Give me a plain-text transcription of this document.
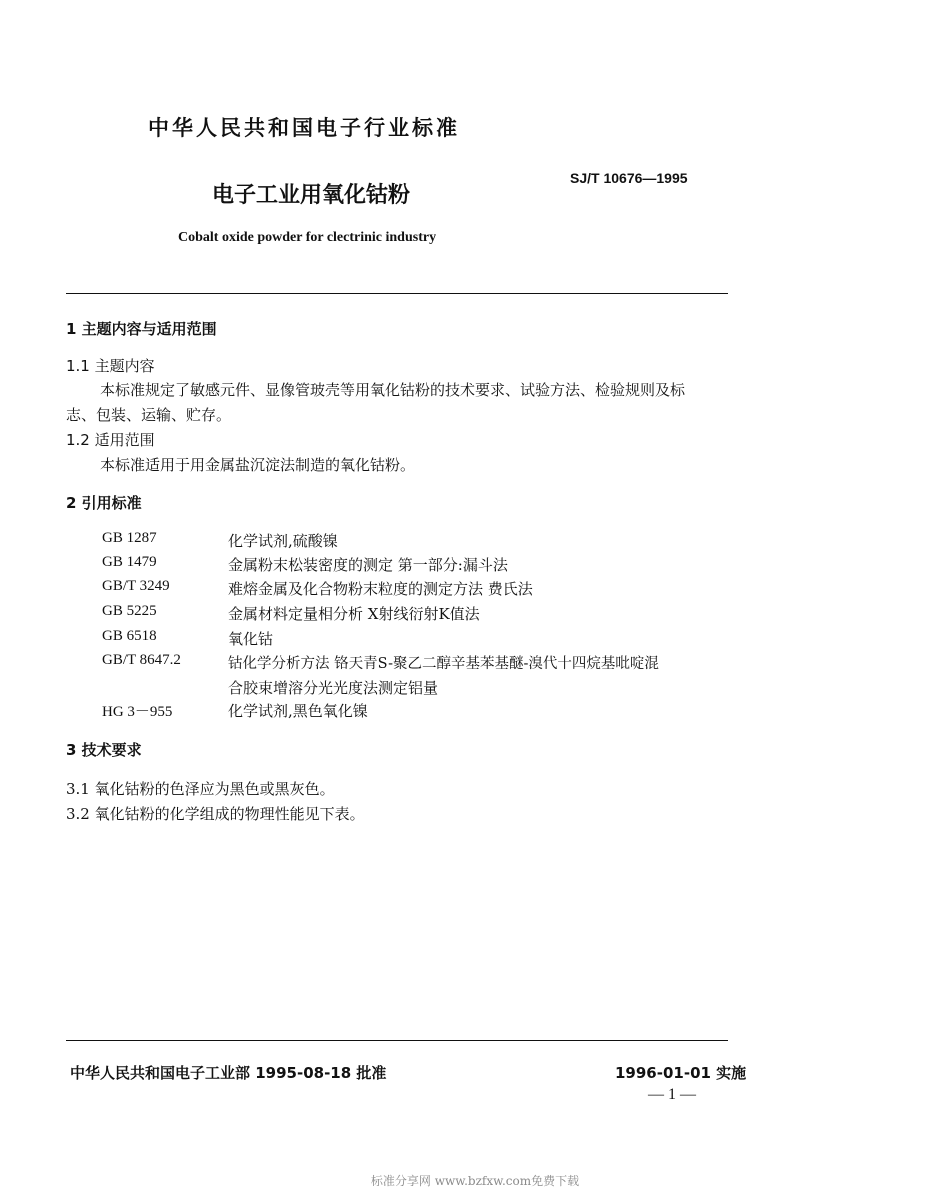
中华人民共和国电子行业标准
电子工业用氧化钴粉
SJ/T 10676—1995
Cobalt oxide powder for clectrinic industry
1 主题内容与适用范围
1.1 主题内容
本标准规定了敏感元件、显像管玻壳等用氧化钴粉的技术要求、试验方法、检验规则及标
志、包装、运输、贮存。
1.2 适用范围
本标准适用于用金属盐沉淀法制造的氧化钴粉。
2 引用标准
GB 1287	化学试剂,硫酸镍
GB 1479	金属粉末松装密度的测定 第一部分:漏斗法
GB/T 3249	难熔金属及化合物粉末粒度的测定方法 费氏法
GB 5225	金属材料定量相分析 X射线衍射K值法
GB 6518	氧化钴
GB/T 8647.2	钴化学分析方法 铬天青S-聚乙二醇辛基苯基醚-溴代十四烷基吡啶混
合胶束增溶分光光度法测定铝量
HG 3－955	化学试剂,黑色氧化镍
3 技术要求
3.1 氧化钴粉的色泽应为黑色或黑灰色。
3.2 氧化钴粉的化学组成的物理性能见下表。
中华人民共和国电子工业部 1995-08-18 批准	1996-01-01 实施
— 1 —
标准分享网 www.bzfxw.com免费下载
